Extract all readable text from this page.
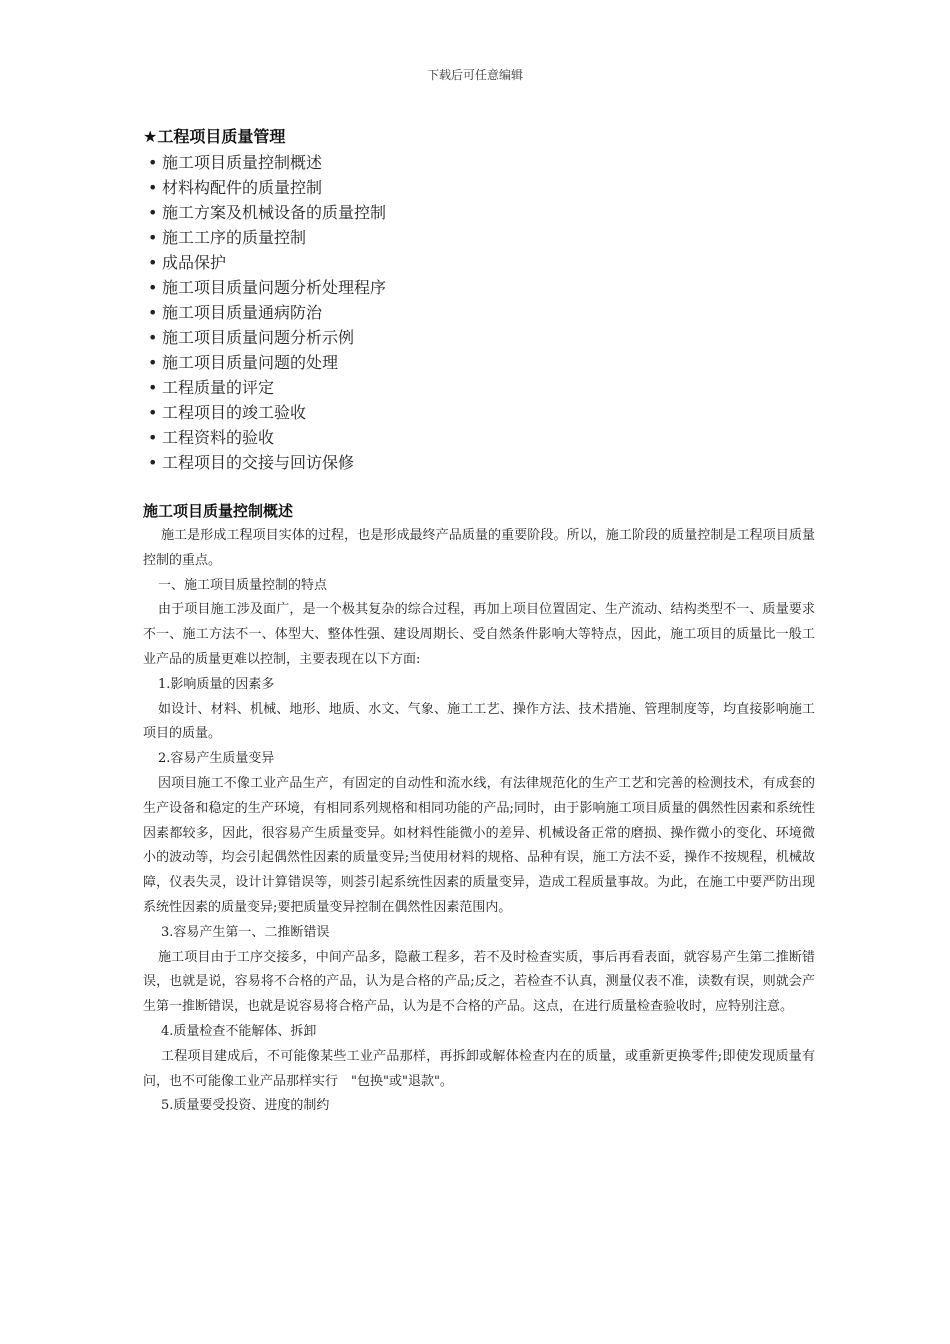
下载后可任意编辑
★工程项目质量管理
• 施工项目质量控制概述
• 材料构配件的质量控制
• 施工方案及机械设备的质量控制
• 施工工序的质量控制
• 成品保护
• 施工项目质量问题分析处理程序
• 施工项目质量通病防治
• 施工项目质量问题分析示例
• 施工项目质量问题的处理
• 工程质量的评定
• 工程项目的竣工验收
• 工程资料的验收
• 工程项目的交接与回访保修
施工项目质量控制概述

施工是形成工程项目实体的过程，也是形成最终产品质量的重要阶段。所以，施工阶段的质量控制是工程项目质量控制的重点。

一、施工项目质量控制的特点

由于项目施工涉及面广，是一个极其复杂的综合过程，再加上项目位置固定、生产流动、结构类型不一、质量要求不一、施工方法不一、体型大、整体性强、建设周期长、受自然条件影响大等特点，因此，施工项目的质量比一般工业产品的质量更难以控制，主要表现在以下方面:

1.影响质量的因素多

如设计、材料、机械、地形、地质、水文、气象、施工工艺、操作方法、技术措施、管理制度等，均直接影响施工项目的质量。

2.容易产生质量变异

因项目施工不像工业产品生产，有固定的自动性和流水线，有法律规范化的生产工艺和完善的检测技术，有成套的生产设备和稳定的生产环境，有相同系列规格和相同功能的产品;同时，由于影响施工项目质量的偶然性因素和系统性因素都较多，因此，很容易产生质量变异。如材料性能微小的差异、机械设备正常的磨损、操作微小的变化、环境微小的波动等，均会引起偶然性因素的质量变异;当使用材料的规格、品种有误，施工方法不妥，操作不按规程，机械故障，仪表失灵，设计计算错误等，则荟引起系统性因素的质量变异，造成工程质量事故。为此，在施工中要严防出现系统性因素的质量变异;要把质量变异控制在偶然性因素范围内。

3.容易产生第一、二推断错误

施工项目由于工序交接多，中间产品多，隐蔽工程多，若不及时检查实质，事后再看表面，就容易产生第二推断错误，也就是说，容易将不合格的产品，认为是合格的产品;反之，若检查不认真，测量仪表不准，读数有误，则就会产生第一推断错误，也就是说容易将合格产品，认为是不合格的产品。这点，在进行质量检查验收时，应特别注意。

4.质量检查不能解体、拆卸

工程项目建成后，不可能像某些工业产品那样，再拆卸或解体检查内在的质量，或重新更换零件;即使发现质量有问，也不可能像工业产品那样实行　"包换"或"退款"。

5.质量要受投资、进度的制约
